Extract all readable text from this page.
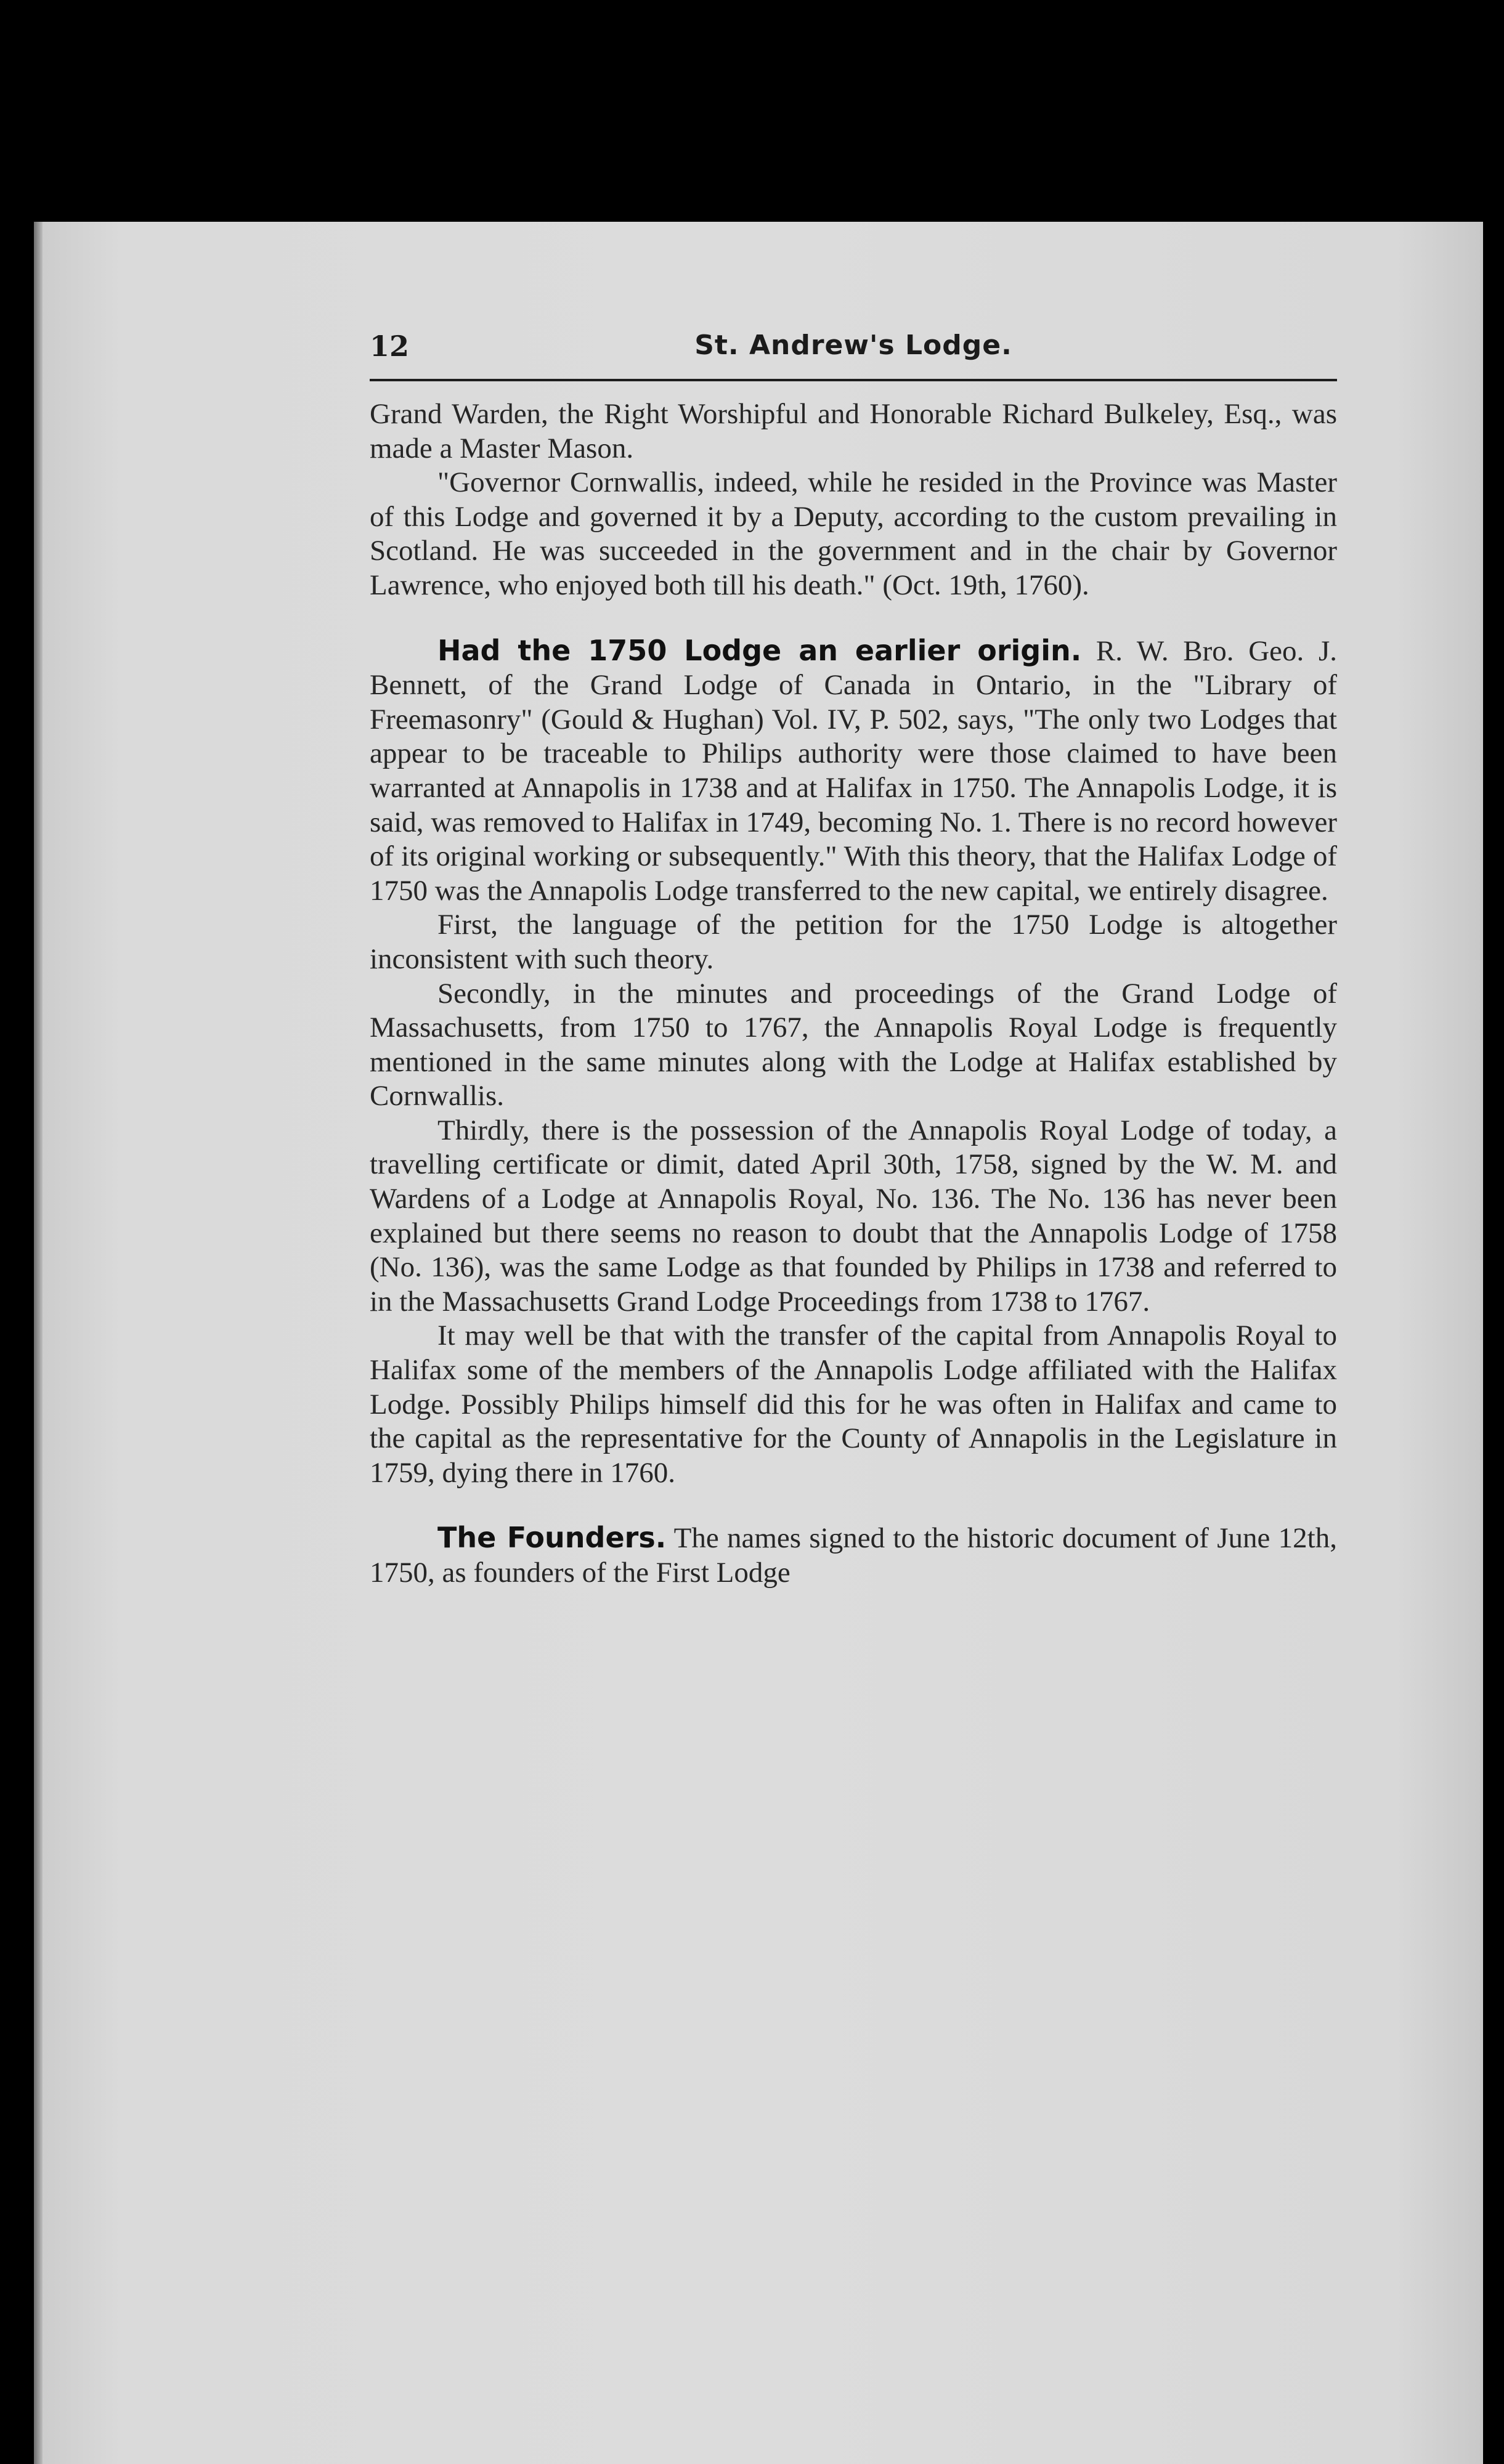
12	St. Andrew's Lodge.

Grand Warden, the Right Worshipful and Honorable Richard Bulkeley, Esq., was made a Master Mason.

"Governor Cornwallis, indeed, while he resided in the Province was Master of this Lodge and governed it by a Deputy, according to the custom prevailing in Scotland. He was succeeded in the government and in the chair by Governor Lawrence, who enjoyed both till his death." (Oct. 19th, 1760).

Had the 1750 Lodge an earlier origin. R. W. Bro. Geo. J. Bennett, of the Grand Lodge of Canada in Ontario, in the "Library of Freemasonry" (Gould & Hughan) Vol. IV, P. 502, says, "The only two Lodges that appear to be traceable to Philips authority were those claimed to have been warranted at Annapolis in 1738 and at Halifax in 1750. The Annapolis Lodge, it is said, was removed to Halifax in 1749, becoming No. 1. There is no record however of its original working or subsequently." With this theory, that the Halifax Lodge of 1750 was the Annapolis Lodge transferred to the new capital, we entirely disagree.

First, the language of the petition for the 1750 Lodge is altogether inconsistent with such theory.

Secondly, in the minutes and proceedings of the Grand Lodge of Massachusetts, from 1750 to 1767, the Annapolis Royal Lodge is frequently mentioned in the same minutes along with the Lodge at Halifax established by Cornwallis.

Thirdly, there is the possession of the Annapolis Royal Lodge of today, a travelling certificate or dimit, dated April 30th, 1758, signed by the W. M. and Wardens of a Lodge at Annapolis Royal, No. 136. The No. 136 has never been explained but there seems no reason to doubt that the Annapolis Lodge of 1758 (No. 136), was the same Lodge as that founded by Philips in 1738 and referred to in the Massachusetts Grand Lodge Proceedings from 1738 to 1767.

It may well be that with the transfer of the capital from Annapolis Royal to Halifax some of the members of the Annapolis Lodge affiliated with the Halifax Lodge. Possibly Philips himself did this for he was often in Halifax and came to the capital as the representative for the County of Annapolis in the Legislature in 1759, dying there in 1760.

The Founders. The names signed to the historic document of June 12th, 1750, as founders of the First Lodge
